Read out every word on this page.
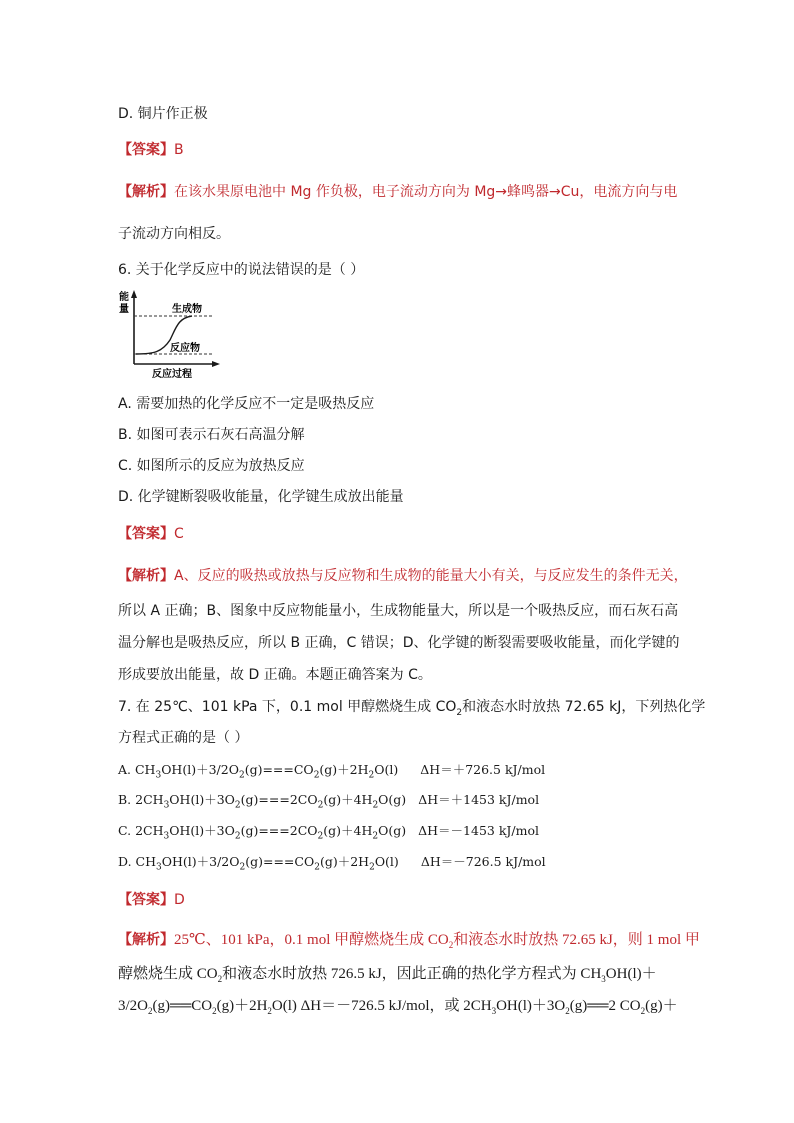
D. 铜片作正极
【答案】B
【解析】在该水果原电池中 Mg 作负极，电子流动方向为 Mg→蜂鸣器→Cu，电流方向与电
子流动方向相反。
6. 关于化学反应中的说法错误的是（ ）
能
量	生成物
反应物
反应过程
A. 需要加热的化学反应不一定是吸热反应
B. 如图可表示石灰石高温分解
C. 如图所示的反应为放热反应
D. 化学键断裂吸收能量，化学键生成放出能量
【答案】C
【解析】A、反应的吸热或放热与反应物和生成物的能量大小有关，与反应发生的条件无关，
所以 A 正确；B、图象中反应物能量小，生成物能量大，所以是一个吸热反应，而石灰石高
温分解也是吸热反应，所以 B 正确，C 错误；D、化学键的断裂需要吸收能量，而化学键的
形成要放出能量，故 D 正确。本题正确答案为 C。
7. 在 25℃、101 kPa 下，0.1 mol 甲醇燃烧生成 $CO_2$和液态水时放热 72.65 kJ，下列热化学
方程式正确的是（ ）
A. $CH_3OH(l)+3/2O_2(g)===CO_2(g)+2H_2O(l)$ ΔH＝＋726.5 kJ/mol
B. $2CH_3OH(l)+3O_2(g)===2CO_2(g)+4H_2O(g)$ ΔH＝＋1453 kJ/mol
C. $2CH_3OH(l)+3O_2(g)===2CO_2(g)+4H_2O(g)$ ΔH＝－1453 kJ/mol
D. $CH_3OH(l)+3/2O_2(g)===CO_2(g)+2H_2O(l)$ ΔH＝－726.5 kJ/mol
【答案】D
【解析】25℃、101 kPa，0.1 mol 甲醇燃烧生成 $CO_2$和液态水时放热 72.65 kJ，则 1 mol 甲
醇燃烧生成 $CO_2$和液态水时放热 726.5 kJ，因此正确的热化学方程式为 $CH_3OH(l)+$
$3/2O_2(g)══CO_2(g)+2H_2O(l)$ ΔH＝－726.5 kJ/mol，或 $2CH_3OH(l)+3O_2(g)══2$ $CO_2(g)+$
